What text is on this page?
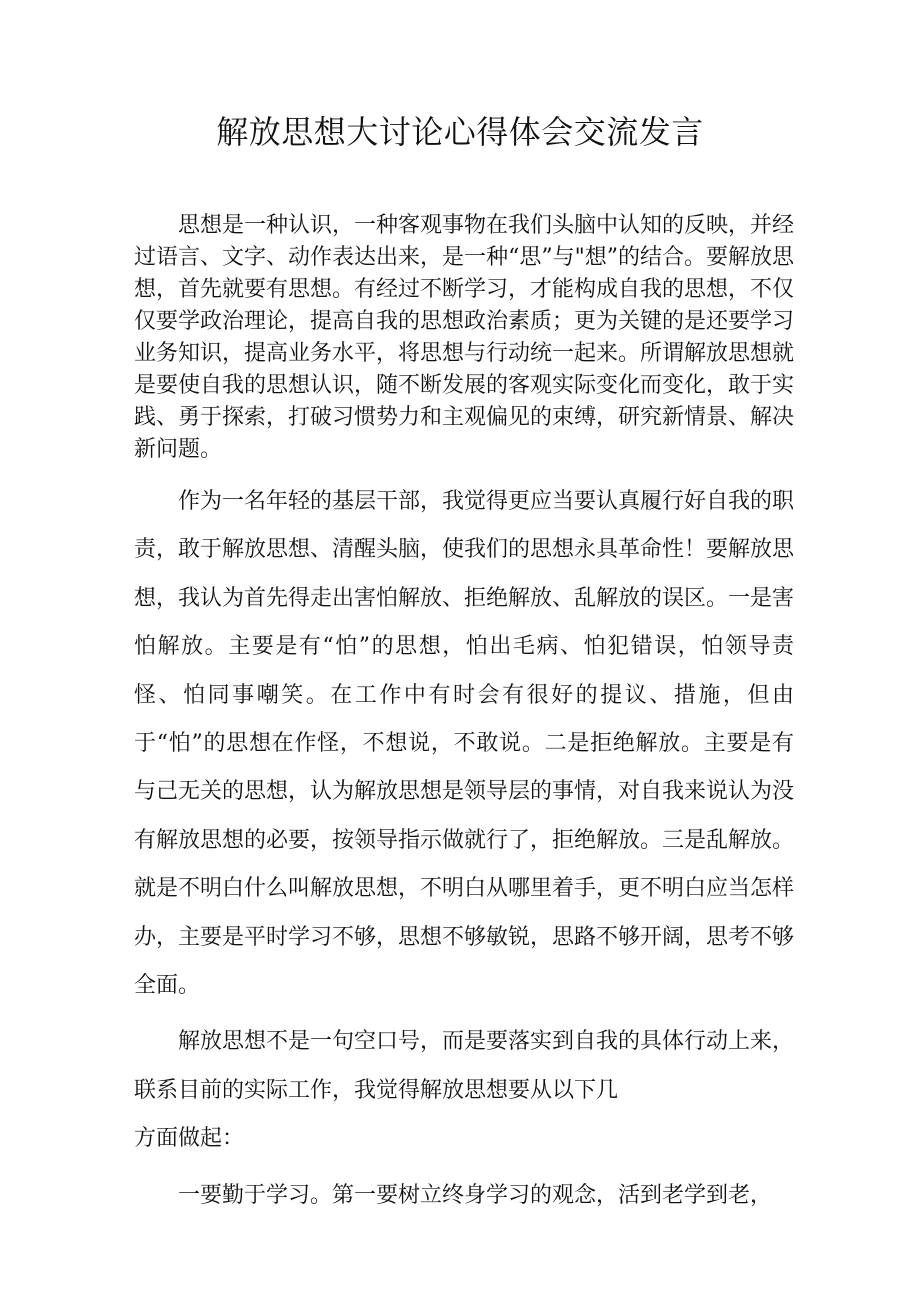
解放思想大讨论心得体会交流发言

思想是一种认识，一种客观事物在我们头脑中认知的反映，并经过语言、文字、动作表达出来，是一种“思”与"想”的结合。要解放思想，首先就要有思想。有经过不断学习，才能构成自我的思想，不仅仅要学政治理论，提高自我的思想政治素质；更为关键的是还要学习业务知识，提高业务水平，将思想与行动统一起来。所谓解放思想就是要使自我的思想认识，随不断发展的客观实际变化而变化，敢于实践、勇于探索，打破习惯势力和主观偏见的束缚，研究新情景、解决新问题。

作为一名年轻的基层干部，我觉得更应当要认真履行好自我的职责，敢于解放思想、清醒头脑，使我们的思想永具革命性！要解放思想，我认为首先得走出害怕解放、拒绝解放、乱解放的误区。一是害怕解放。主要是有“怕”的思想，怕出毛病、怕犯错误，怕领导责怪、怕同事嘲笑。在工作中有时会有很好的提议、措施，但由于“怕”的思想在作怪，不想说，不敢说。二是拒绝解放。主要是有与己无关的思想，认为解放思想是领导层的事情，对自我来说认为没有解放思想的必要，按领导指示做就行了，拒绝解放。三是乱解放。就是不明白什么叫解放思想，不明白从哪里着手，更不明白应当怎样办，主要是平时学习不够，思想不够敏锐，思路不够开阔，思考不够全面。

解放思想不是一句空口号，而是要落实到自我的具体行动上来，联系目前的实际工作，我觉得解放思想要从以下几
方面做起：

一要勤于学习。第一要树立终身学习的观念，活到老学到老，
